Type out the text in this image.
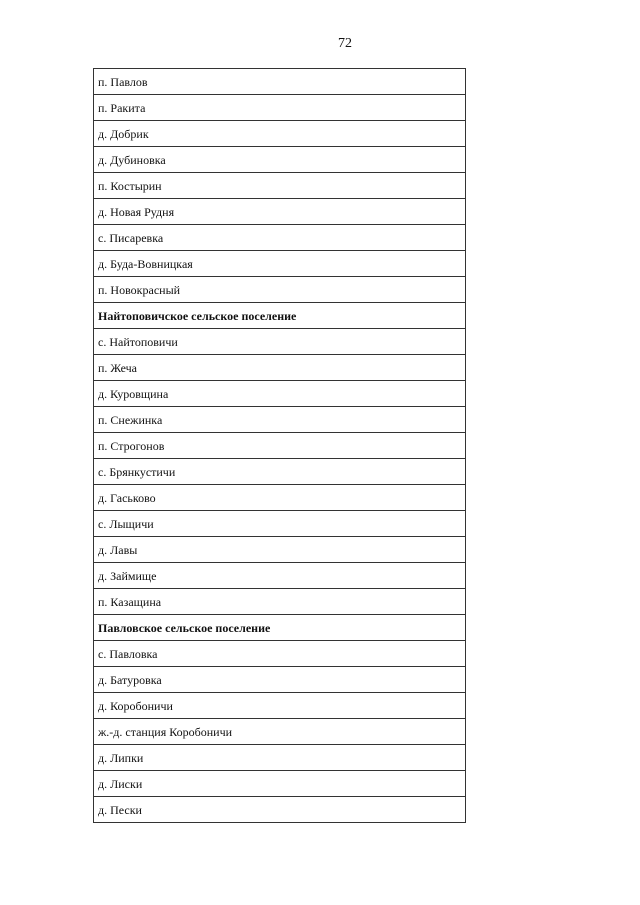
72
п. Павлов
п. Ракита
д. Добрик
д. Дубиновка
п. Костырин
д. Новая Рудня
с. Писаревка
д. Буда-Вовницкая
п. Новокрасный
Найтоповичское сельское поселение
с. Найтоповичи
п. Жеча
д. Куровщина
п. Снежинка
п. Строгонов
с. Брянкустичи
д. Гаськово
с. Лыщичи
д. Лавы
д. Займище
п. Казащина
Павловское сельское поселение
с. Павловка
д. Батуровка
д. Коробоничи
ж.-д. станция Коробоничи
д. Липки
д. Лиски
д. Пески
